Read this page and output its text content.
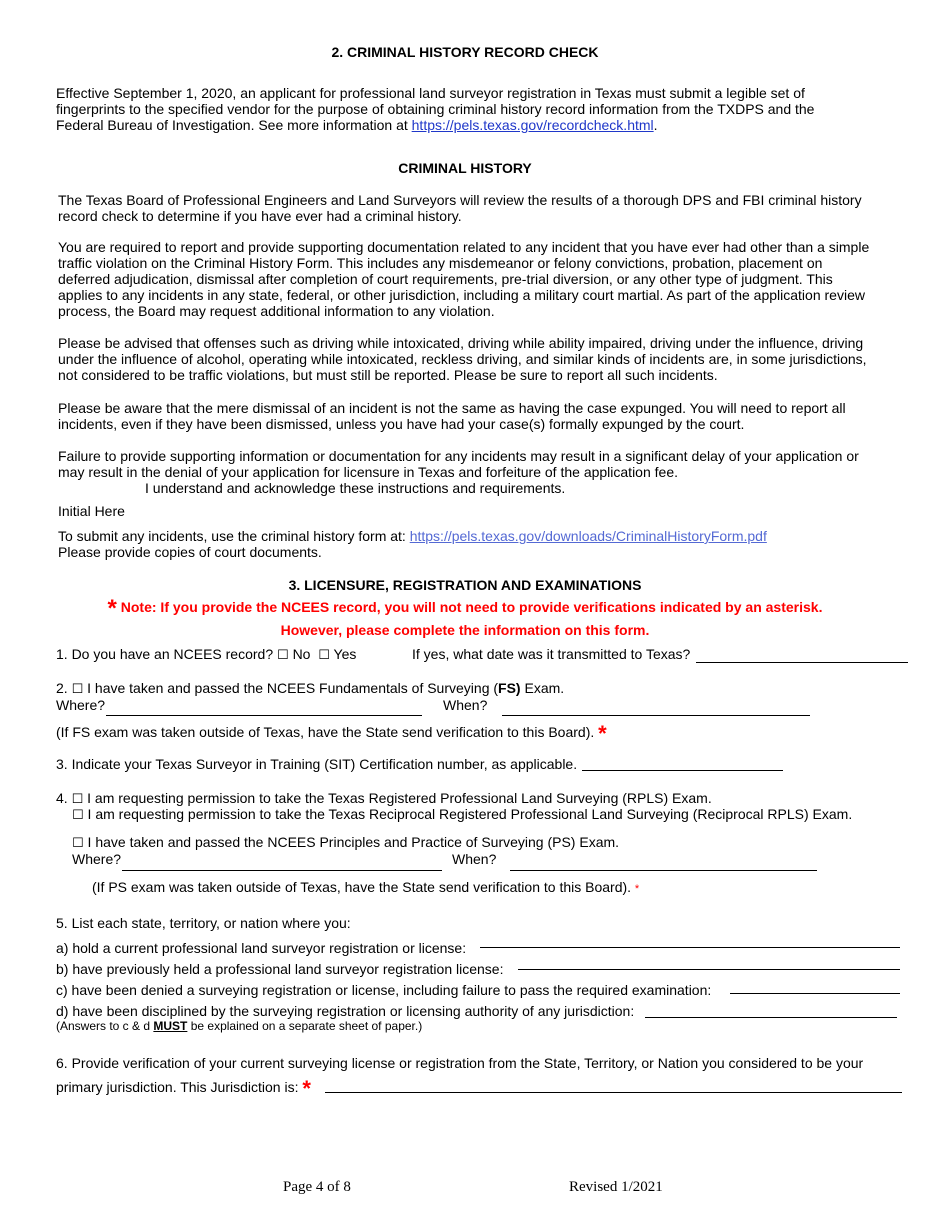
2. CRIMINAL HISTORY RECORD CHECK
Effective September 1, 2020, an applicant for professional land surveyor registration in Texas must submit a legible set of fingerprints to the specified vendor for the purpose of obtaining criminal history record information from the TXDPS and the Federal Bureau of Investigation. See more information at https://pels.texas.gov/recordcheck.html.
CRIMINAL HISTORY
The Texas Board of Professional Engineers and Land Surveyors will review the results of a thorough DPS and FBI criminal history record check to determine if you have ever had a criminal history.
You are required to report and provide supporting documentation related to any incident that you have ever had other than a simple traffic violation on the Criminal History Form. This includes any misdemeanor or felony convictions, probation, placement on deferred adjudication, dismissal after completion of court requirements, pre-trial diversion, or any other type of judgment. This applies to any incidents in any state, federal, or other jurisdiction, including a military court martial. As part of the application review process, the Board may request additional information to any violation.
Please be advised that offenses such as driving while intoxicated, driving while ability impaired, driving under the influence, driving under the influence of alcohol, operating while intoxicated, reckless driving, and similar kinds of incidents are, in some jurisdictions, not considered to be traffic violations, but must still be reported. Please be sure to report all such incidents.
Please be aware that the mere dismissal of an incident is not the same as having the case expunged. You will need to report all incidents, even if they have been dismissed, unless you have had your case(s) formally expunged by the court.
Failure to provide supporting information or documentation for any incidents may result in a significant delay of your application or may result in the denial of your application for licensure in Texas and forfeiture of the application fee.
I understand and acknowledge these instructions and requirements.
Initial Here
To submit any incidents, use the criminal history form at: https://pels.texas.gov/downloads/CriminalHistoryForm.pdf
Please provide copies of court documents.
3. LICENSURE, REGISTRATION AND EXAMINATIONS
* Note: If you provide the NCEES record, you will not need to provide verifications indicated by an asterisk.
However, please complete the information on this form.
1. Do you have an NCEES record? ☐ No ☐ Yes	If yes, what date was it transmitted to Texas?
2. ☐ I have taken and passed the NCEES Fundamentals of Surveying (FS) Exam.
Where?	When?
(If FS exam was taken outside of Texas, have the State send verification to this Board). *
3. Indicate your Texas Surveyor in Training (SIT) Certification number, as applicable.
4. ☐ I am requesting permission to take the Texas Registered Professional Land Surveying (RPLS) Exam.
☐ I am requesting permission to take the Texas Reciprocal Registered Professional Land Surveying (Reciprocal RPLS) Exam.
☐ I have taken and passed the NCEES Principles and Practice of Surveying (PS) Exam.
Where?	When?
(If PS exam was taken outside of Texas, have the State send verification to this Board). *
5. List each state, territory, or nation where you:
a) hold a current professional land surveyor registration or license:
b) have previously held a professional land surveyor registration license:
c) have been denied a surveying registration or license, including failure to pass the required examination:
d) have been disciplined by the surveying registration or licensing authority of any jurisdiction:
(Answers to c & d MUST be explained on a separate sheet of paper.)
6. Provide verification of your current surveying license or registration from the State, Territory, or Nation you considered to be your
primary jurisdiction. This Jurisdiction is: *
Page 4 of 8	Revised 1/2021
